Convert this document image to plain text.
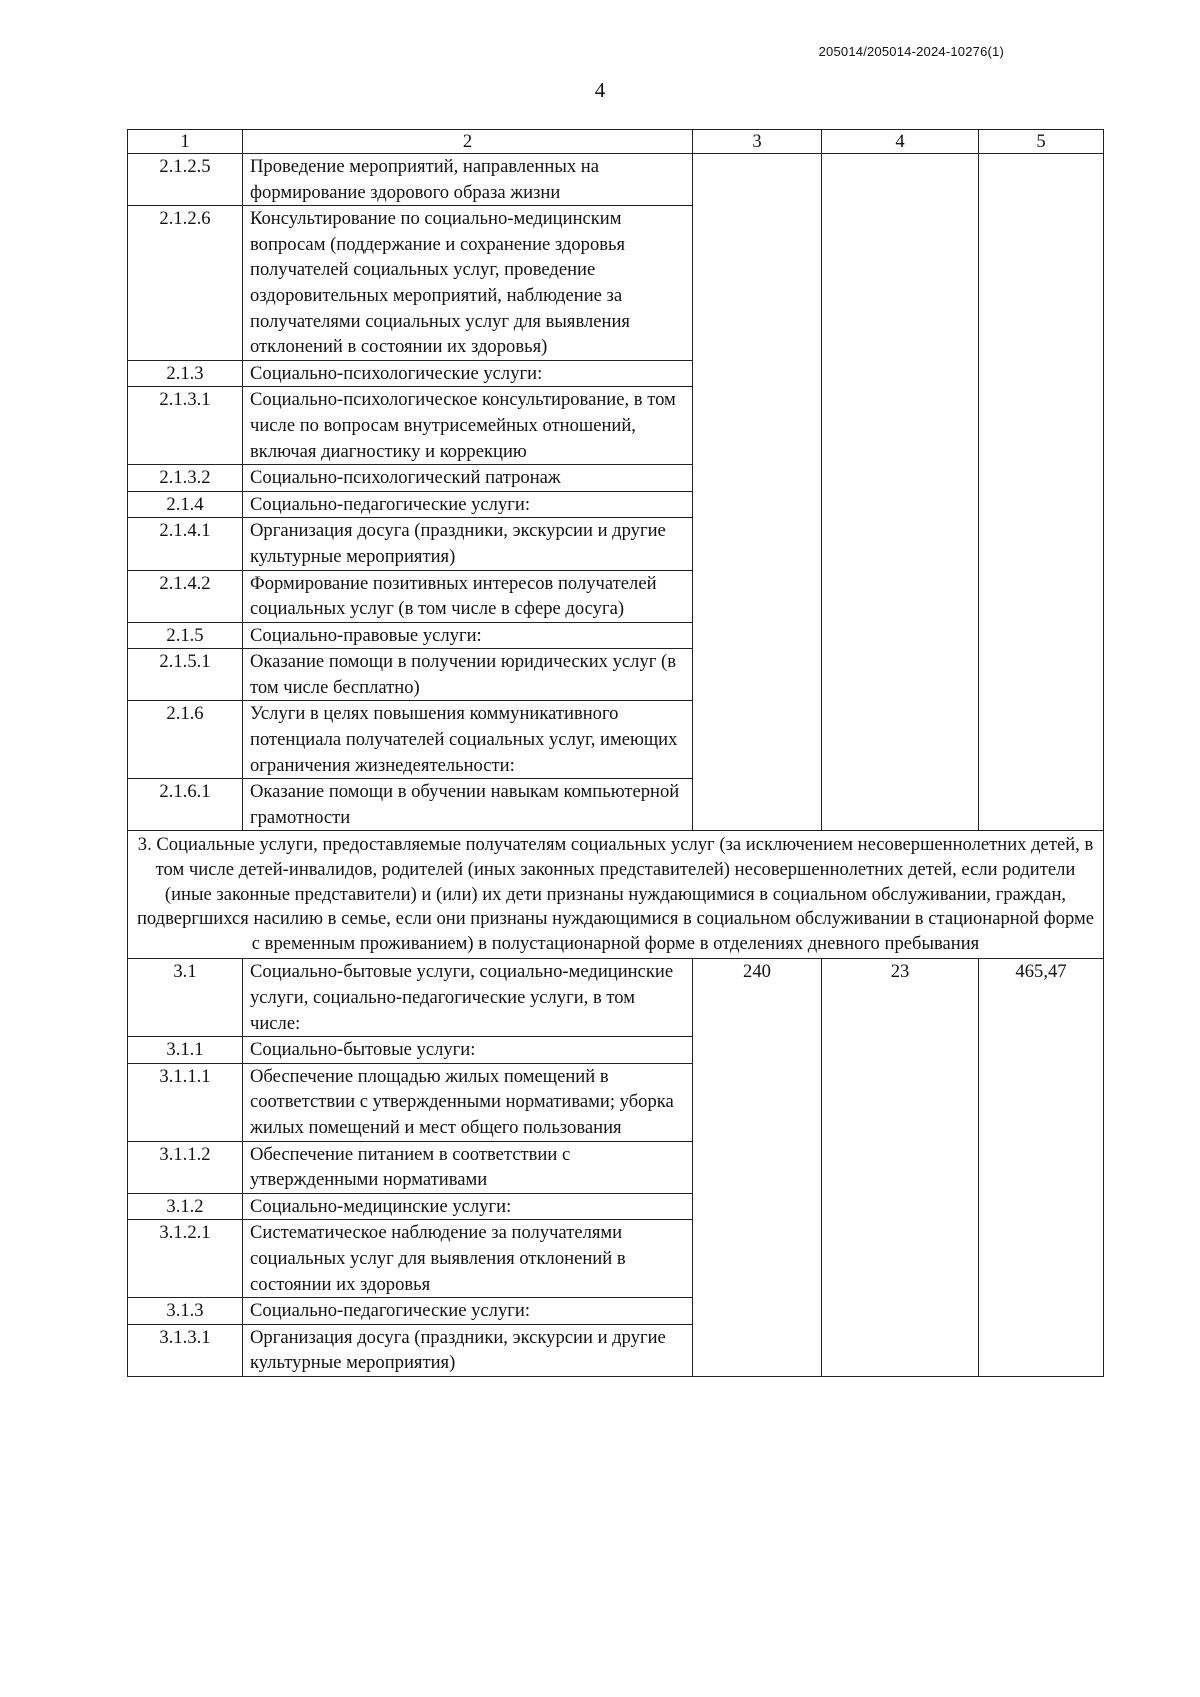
205014/205014-2024-10276(1)
4
1	2	3	4	5
2.1.2.5	Проведение мероприятий, направленных на формирование здорового образа жизни			
2.1.2.6	Консультирование по социально-медицинским вопросам (поддержание и сохранение здоровья получателей социальных услуг, проведение оздоровительных мероприятий, наблюдение за получателями социальных услуг для выявления отклонений в состоянии их здоровья)			
2.1.3	Социально-психологические услуги:			
2.1.3.1	Социально-психологическое консультирование, в том числе по вопросам внутрисемейных отношений, включая диагностику и коррекцию			
2.1.3.2	Социально-психологический патронаж			
2.1.4	Социально-педагогические услуги:			
2.1.4.1	Организация досуга (праздники, экскурсии и другие культурные мероприятия)			
2.1.4.2	Формирование позитивных интересов получателей социальных услуг (в том числе в сфере досуга)			
2.1.5	Социально-правовые услуги:			
2.1.5.1	Оказание помощи в получении юридических услуг (в том числе бесплатно)			
2.1.6	Услуги в целях повышения коммуникативного потенциала получателей социальных услуг, имеющих ограничения жизнедеятельности:			
2.1.6.1	Оказание помощи в обучении навыкам компьютерной грамотности			
3. Социальные услуги, предоставляемые получателям социальных услуг (за исключением несовершеннолетних детей, в том числе детей-инвалидов, родителей (иных законных представителей) несовершеннолетних детей, если родители (иные законные представители) и (или) их дети признаны нуждающимися в социальном обслуживании, граждан, подвергшихся насилию в семье, если они признаны нуждающимися в социальном обслуживании в стационарной форме с временным проживанием) в полустационарной форме в отделениях дневного пребывания				
3.1	Социально-бытовые услуги, социально-медицинские услуги, социально-педагогические услуги, в том числе:	240	23	465,47
3.1.1	Социально-бытовые услуги:			
3.1.1.1	Обеспечение площадью жилых помещений в соответствии с утвержденными нормативами; уборка жилых помещений и мест общего пользования			
3.1.1.2	Обеспечение питанием в соответствии с утвержденными нормативами			
3.1.2	Социально-медицинские услуги:			
3.1.2.1	Систематическое наблюдение за получателями социальных услуг для выявления отклонений в состоянии их здоровья			
3.1.3	Социально-педагогические услуги:			
3.1.3.1	Организация досуга (праздники, экскурсии и другие культурные мероприятия)			
